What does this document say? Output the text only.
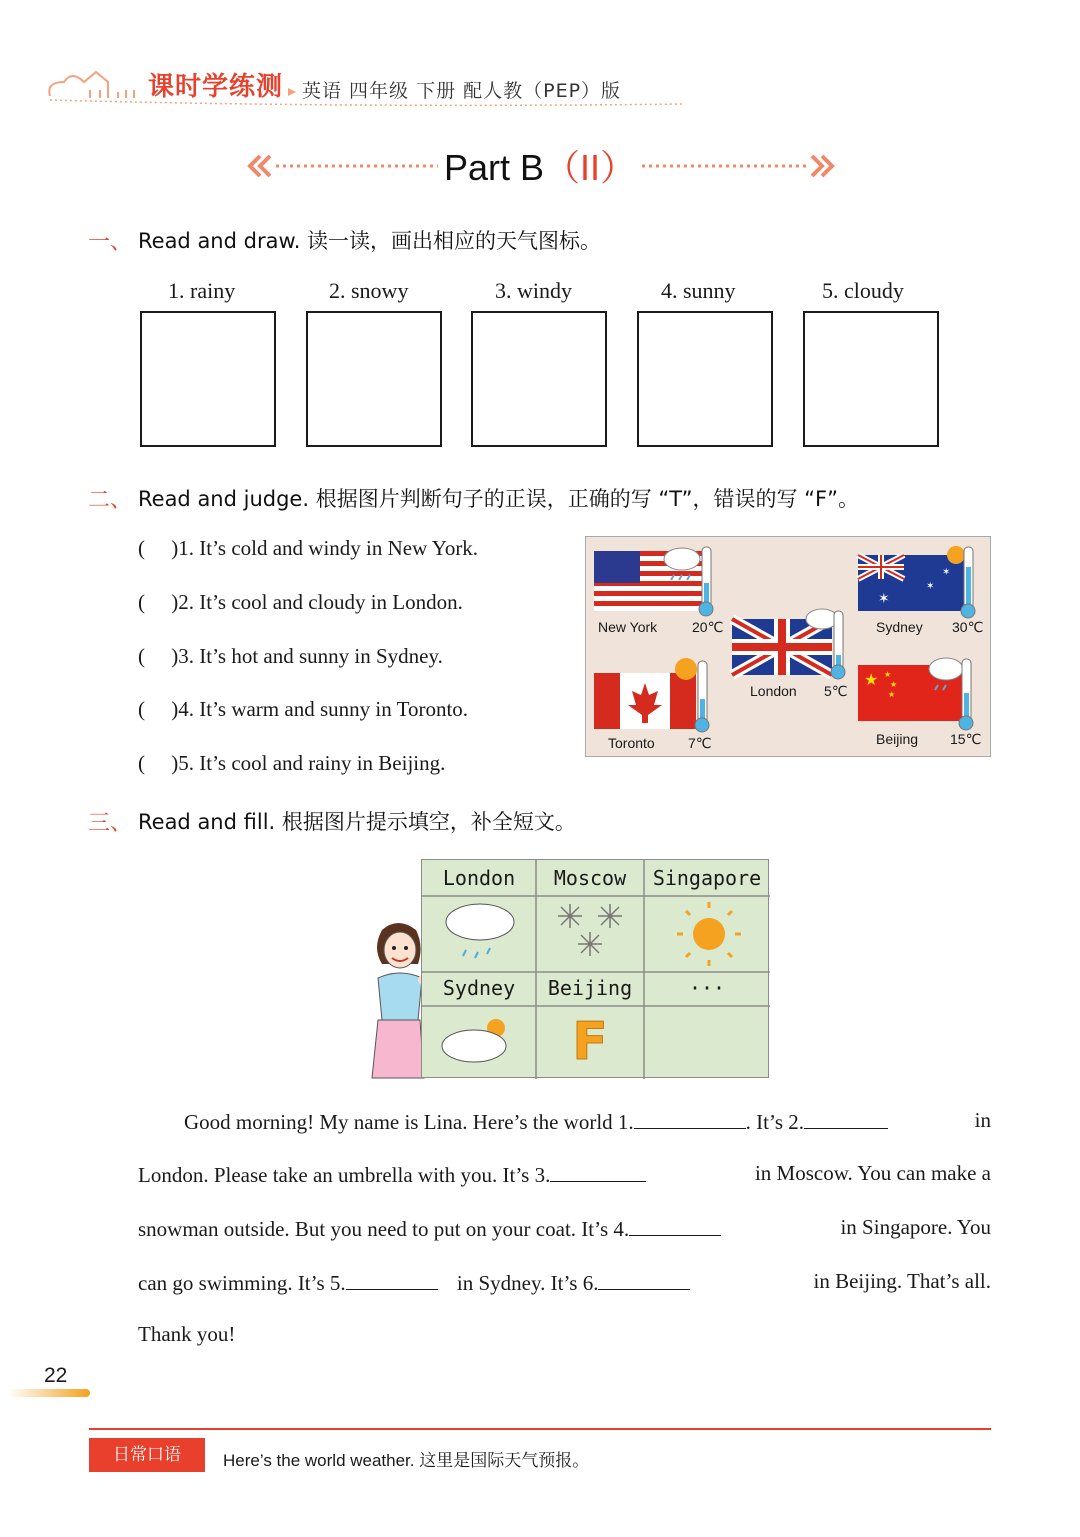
课时学练测 英语 四年级 下册 配人教（PEP）版
Part B（II）
一、 Read and draw. 读一读，画出相应的天气图标。
1. rainy	2. snowy	3. windy	4. sunny	5. cloudy
二、 Read and judge. 根据图片判断句子的正误，正确的写 “T”，错误的写 “F”。
(     )1. It’s cold and windy in New York.
(     )2. It’s cool and cloudy in London.
(     )3. It’s hot and sunny in Sydney.
(     )4. It’s warm and sunny in Toronto.
(     )5. It’s cool and rainy in Beijing.
✶
✶
✶
★ ★
★
★
New York 20℃	Sydney 30℃
London 5℃
Toronto 7℃	Beijing 15℃
三、 Read and fill. 根据图片提示填空，补全短文。
London	Moscow	Singapore
Sydney	Beijing	···
F
Good morning! My name is Lina. Here’s the world 1.	. It’s 2.	in
London. Please take an umbrella with you. It’s 3.	in Moscow. You can make a
snowman outside. But you need to put on your coat. It’s 4.	in Singapore. You
can go swimming. It’s 5.	in Sydney. It’s 6.	in Beijing. That’s all.
Thank you!
22
日常口语	Here’s the world weather. 这里是国际天气预报。
